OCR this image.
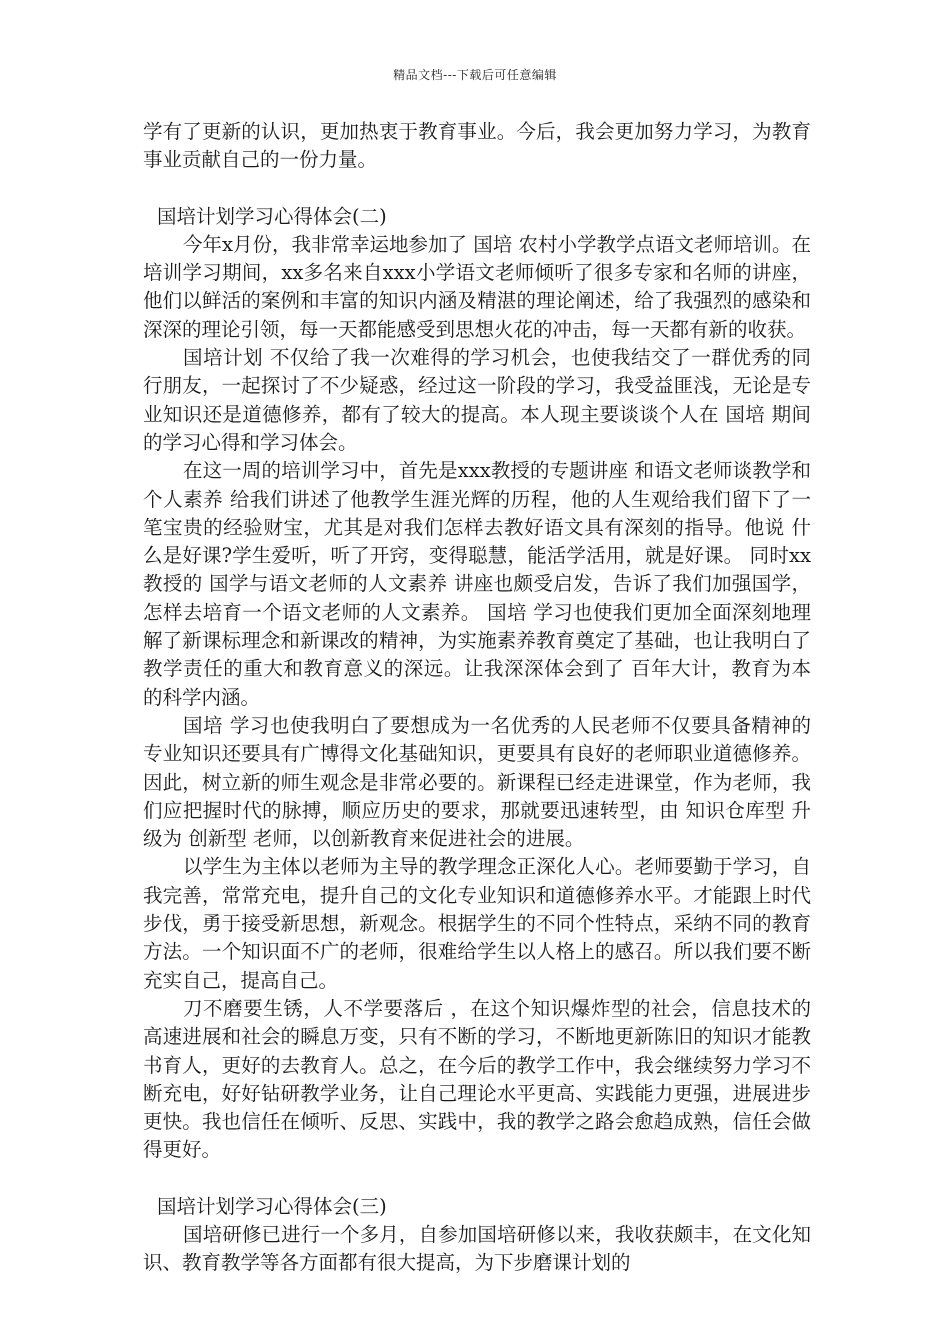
精品文档---下载后可任意编辑

学有了更新的认识，更加热衷于教育事业。今后，我会更加努力学习，为教育事业贡献自己的一份力量。

国培计划学习心得体会(二)

今年x月份，我非常幸运地参加了 国培 农村小学教学点语文老师培训。在培训学习期间，xx多名来自xxx小学语文老师倾听了很多专家和名师的讲座，他们以鲜活的案例和丰富的知识内涵及精湛的理论阐述，给了我强烈的感染和深深的理论引领，每一天都能感受到思想火花的冲击，每一天都有新的收获。

国培计划 不仅给了我一次难得的学习机会，也使我结交了一群优秀的同行朋友，一起探讨了不少疑惑，经过这一阶段的学习，我受益匪浅，无论是专业知识还是道德修养，都有了较大的提高。本人现主要谈谈个人在 国培 期间的学习心得和学习体会。

在这一周的培训学习中，首先是xxx教授的专题讲座 和语文老师谈教学和个人素养 给我们讲述了他教学生涯光辉的历程，他的人生观给我们留下了一笔宝贵的经验财宝，尤其是对我们怎样去教好语文具有深刻的指导。他说 什么是好课?学生爱听，听了开窍，变得聪慧，能活学活用，就是好课。 同时xx教授的 国学与语文老师的人文素养 讲座也颇受启发，告诉了我们加强国学，怎样去培育一个语文老师的人文素养。 国培 学习也使我们更加全面深刻地理解了新课标理念和新课改的精神，为实施素养教育奠定了基础，也让我明白了教学责任的重大和教育意义的深远。让我深深体会到了 百年大计，教育为本 的科学内涵。

国培 学习也使我明白了要想成为一名优秀的人民老师不仅要具备精神的专业知识还要具有广博得文化基础知识，更要具有良好的老师职业道德修养。因此，树立新的师生观念是非常必要的。新课程已经走进课堂，作为老师，我们应把握时代的脉搏，顺应历史的要求，那就要迅速转型，由 知识仓库型 升级为 创新型 老师，以创新教育来促进社会的进展。

以学生为主体以老师为主导的教学理念正深化人心。老师要勤于学习，自我完善，常常充电，提升自己的文化专业知识和道德修养水平。才能跟上时代步伐，勇于接受新思想，新观念。根据学生的不同个性特点，采纳不同的教育方法。一个知识面不广的老师，很难给学生以人格上的感召。所以我们要不断充实自己，提高自己。

刀不磨要生锈，人不学要落后 ，在这个知识爆炸型的社会，信息技术的高速进展和社会的瞬息万变，只有不断的学习，不断地更新陈旧的知识才能教书育人，更好的去教育人。总之，在今后的教学工作中，我会继续努力学习不断充电，好好钻研教学业务，让自己理论水平更高、实践能力更强，进展进步更快。我也信任在倾听、反思、实践中，我的教学之路会愈趋成熟，信任会做得更好。

国培计划学习心得体会(三)

国培研修已进行一个多月，自参加国培研修以来，我收获颇丰，在文化知识、教育教学等各方面都有很大提高，为下步磨课计划的
